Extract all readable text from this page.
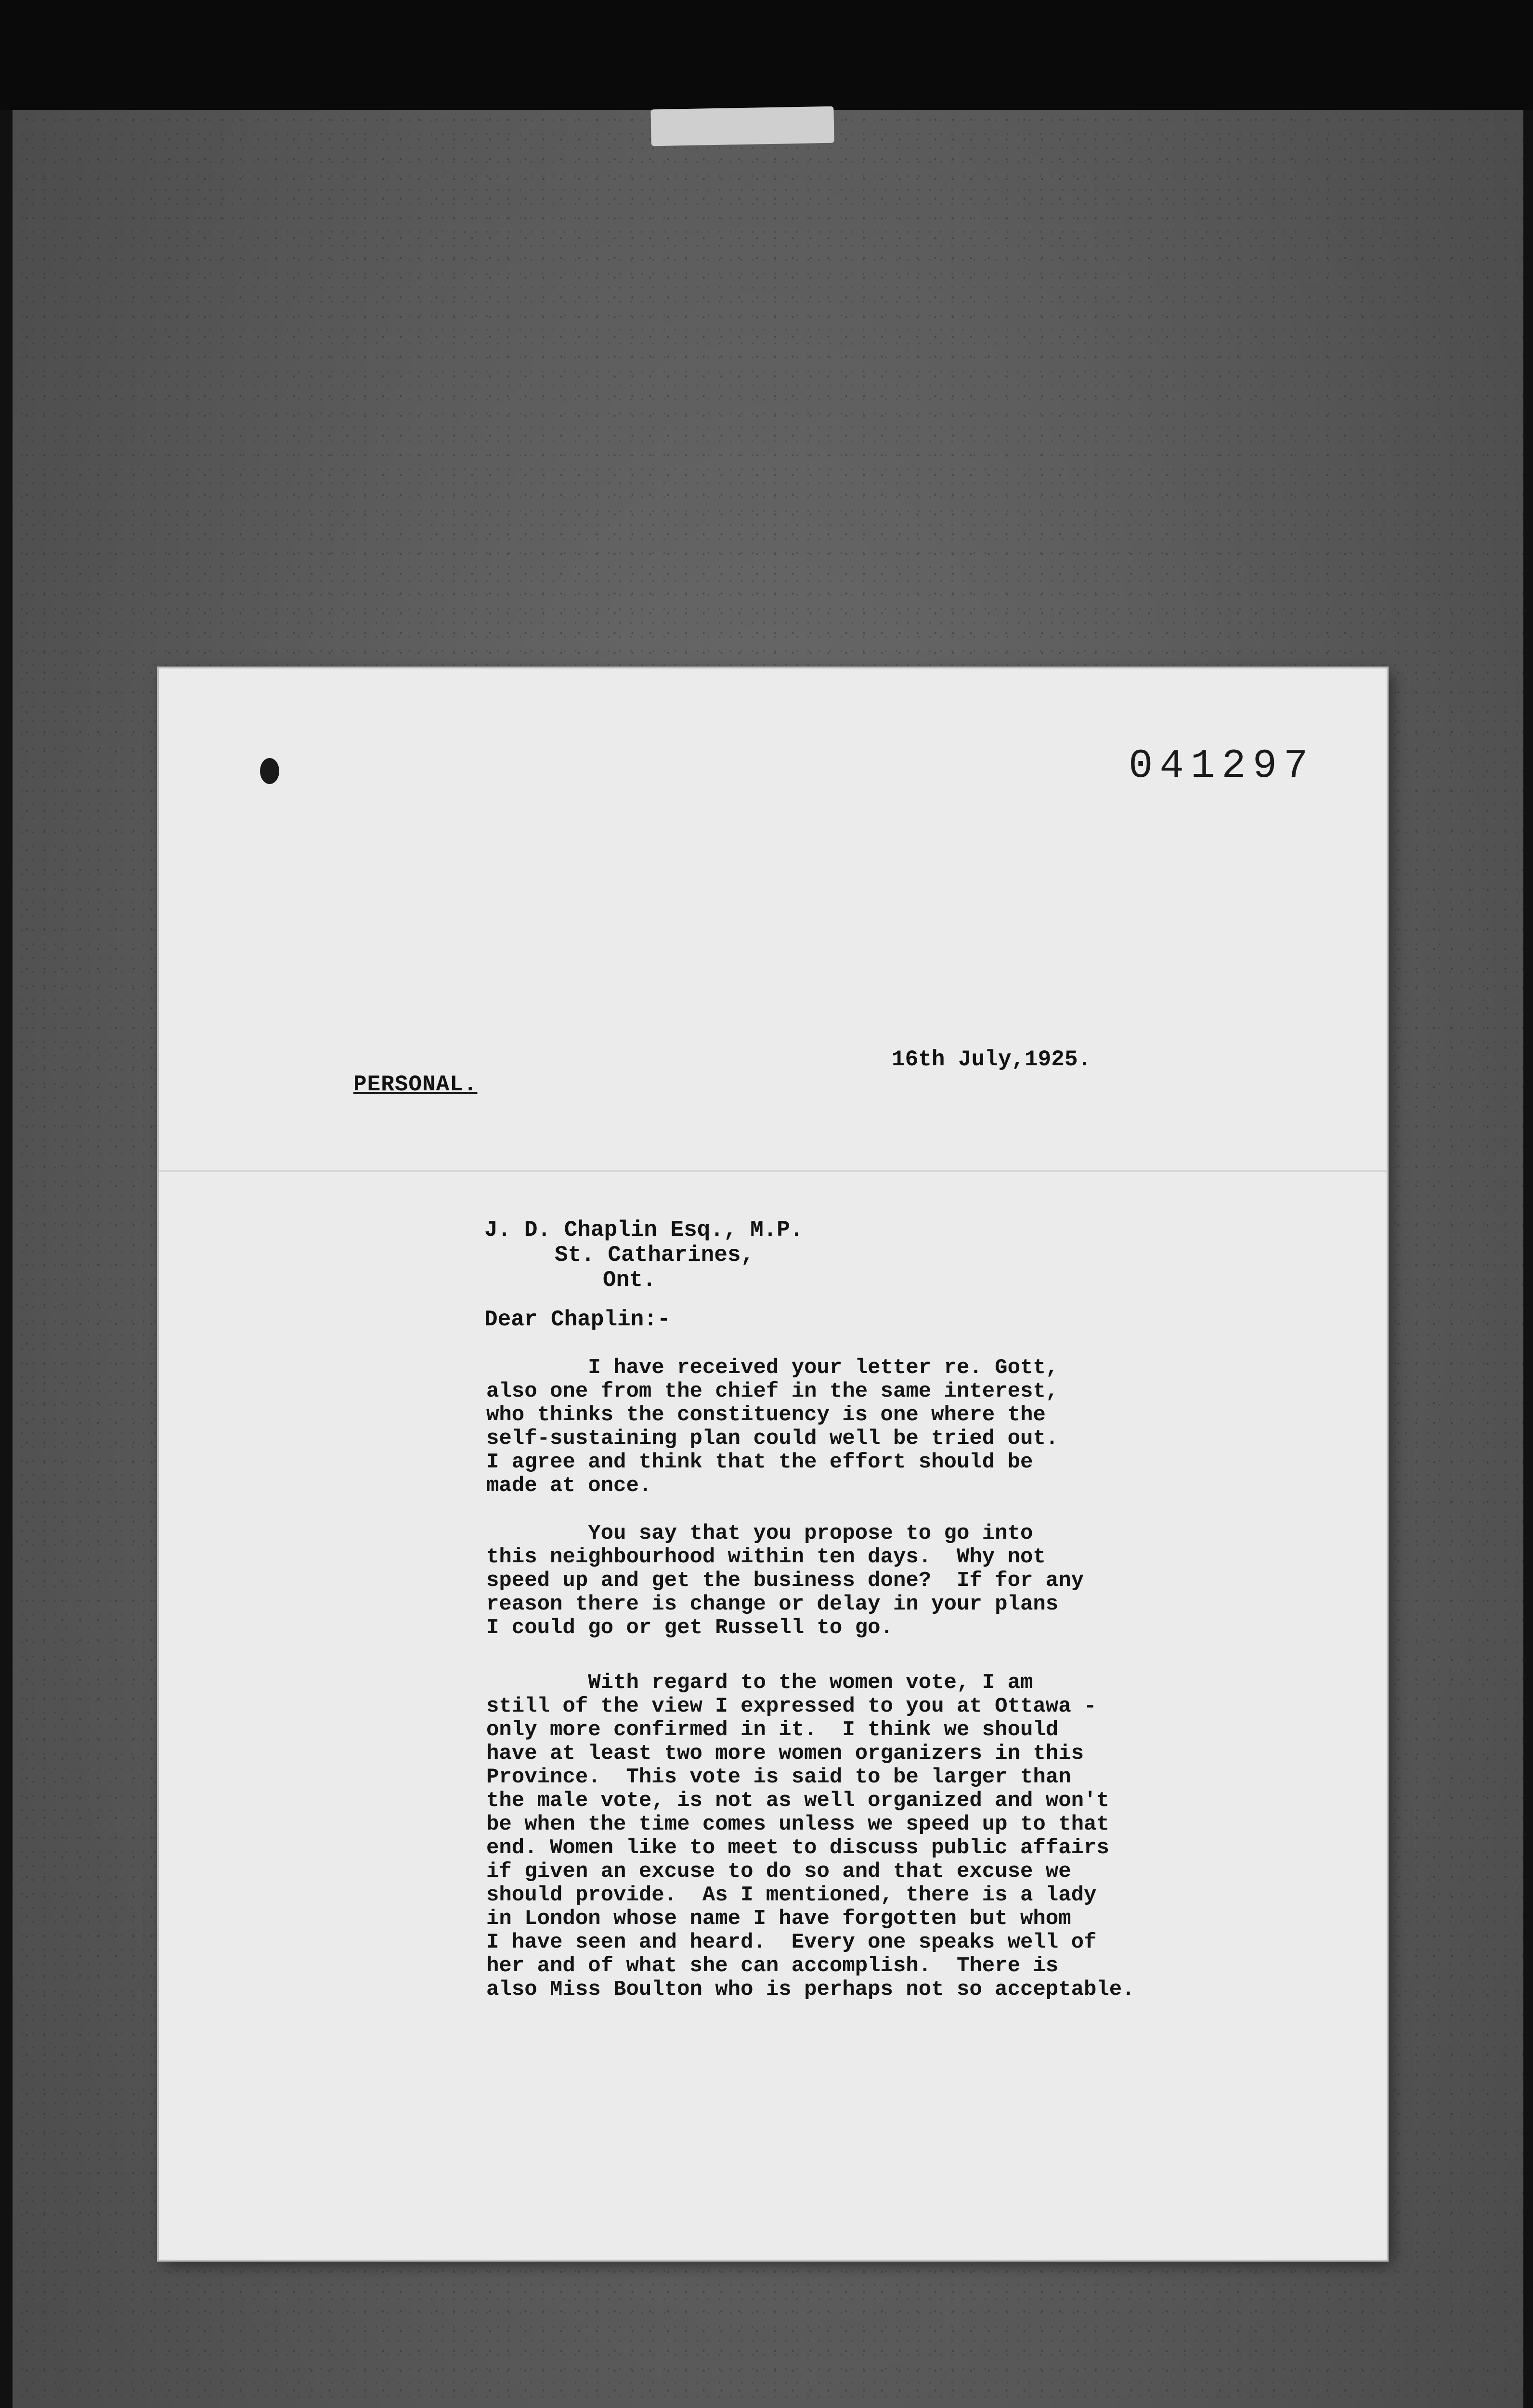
041297
PERSONAL.
16th July,1925.
J. D. Chaplin Esq., M.P.
St. Catharines,
Ont.
Dear Chaplin:-
I have received your letter re. Gott,
also one from the chief in the same interest,
who thinks the constituency is one where the
self-sustaining plan could well be tried out.
I agree and think that the effort should be
made at once.
You say that you propose to go into
this neighbourhood within ten days.  Why not
speed up and get the business done?  If for any
reason there is change or delay in your plans
I could go or get Russell to go.
With regard to the women vote, I am
still of the view I expressed to you at Ottawa -
only more confirmed in it.  I think we should
have at least two more women organizers in this
Province.  This vote is said to be larger than
the male vote, is not as well organized and won't
be when the time comes unless we speed up to that
end. Women like to meet to discuss public affairs
if given an excuse to do so and that excuse we
should provide.  As I mentioned, there is a lady
in London whose name I have forgotten but whom
I have seen and heard.  Every one speaks well of
her and of what she can accomplish.  There is
also Miss Boulton who is perhaps not so acceptable.
